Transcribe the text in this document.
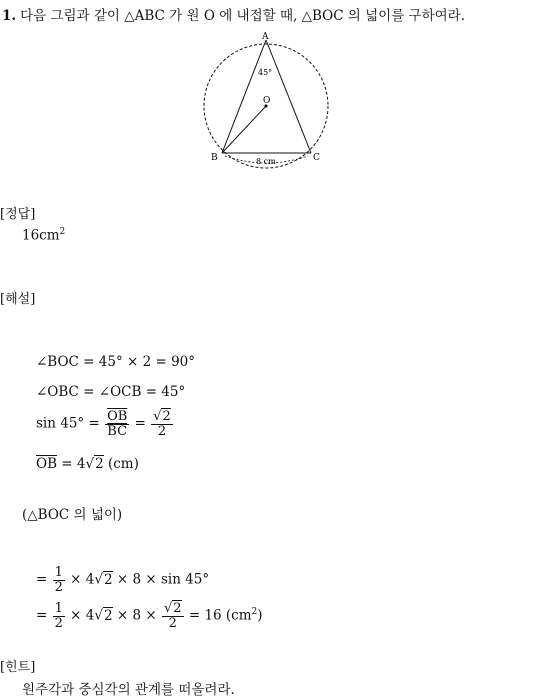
1. 다음 그림과 같이 △ABC 가 원 O 에 내접할 때, △BOC 의 넓이를 구하여라.
A
B	C
O
45°
8 cm
[정답]
$16cm^2$
[해설]
∠BOC = 45° × 2 = 90°
∠OBC = ∠OCB = 45°
$\sin 45^\circ = \frac{\overline{OB}}{BC} = \frac{√2}{2}$
$\overline{OB} = 4√2$ (cm)
(△BOC 의 넓이)
= $\frac{1}{2} \times 4√2 \times 8 \times \sin 45^\circ$
= $\frac{1}{2} \times 4√2 \times 8 \times \frac{√2}{2} = 16$ $(cm^2)$
[힌트]
원주각과 중심각의 관계를 떠올려라.
